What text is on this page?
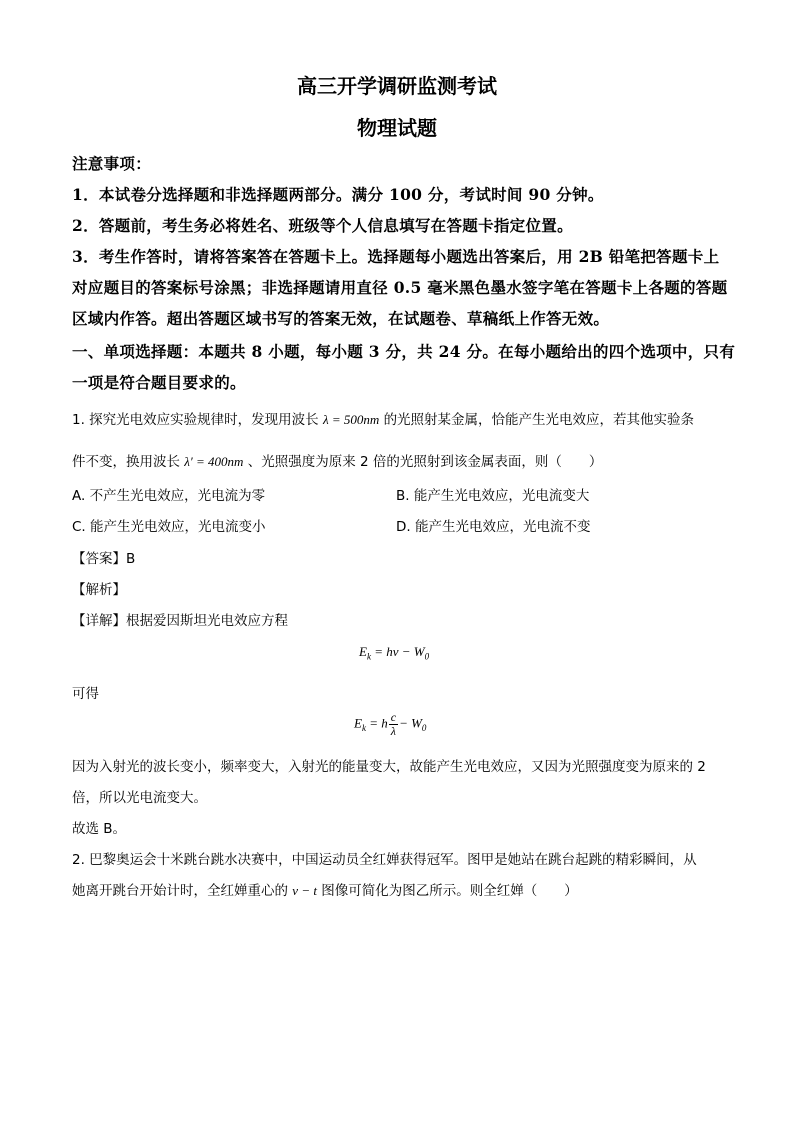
高三开学调研监测考试
物理试题
注意事项：
1．本试卷分选择题和非选择题两部分。满分 100 分，考试时间 90 分钟。
2．答题前，考生务必将姓名、班级等个人信息填写在答题卡指定位置。
3．考生作答时，请将答案答在答题卡上。选择题每小题选出答案后，用 2B 铅笔把答题卡上
对应题目的答案标号涂黑；非选择题请用直径 0.5 毫米黑色墨水签字笔在答题卡上各题的答题
区域内作答。超出答题区域书写的答案无效，在试题卷、草稿纸上作答无效。
一、单项选择题：本题共 8 小题，每小题 3 分，共 24 分。在每小题给出的四个选项中，只有
一项是符合题目要求的。
1. 探究光电效应实验规律时，发现用波长 λ = 500nm 的光照射某金属，恰能产生光电效应，若其他实验条
件不变，换用波长 λ′ = 400nm 、光照强度为原来 2 倍的光照射到该金属表面，则（　　）
A. 不产生光电效应，光电流为零	B. 能产生光电效应，光电流变大
C. 能产生光电效应，光电流变小	D. 能产生光电效应，光电流不变
【答案】B
【解析】
【详解】根据爱因斯坦光电效应方程
$E_k = h\nu - W_0$
可得
$E_k = h \frac{c}{\lambda} - W_0$
因为入射光的波长变小，频率变大，入射光的能量变大，故能产生光电效应，又因为光照强度变为原来的 2
倍，所以光电流变大。
故选 B。
2. 巴黎奥运会十米跳台跳水决赛中，中国运动员全红婵获得冠军。图甲是她站在跳台起跳的精彩瞬间，从
她离开跳台开始计时，全红婵重心的 v − t 图像可简化为图乙所示。则全红婵（　　）
